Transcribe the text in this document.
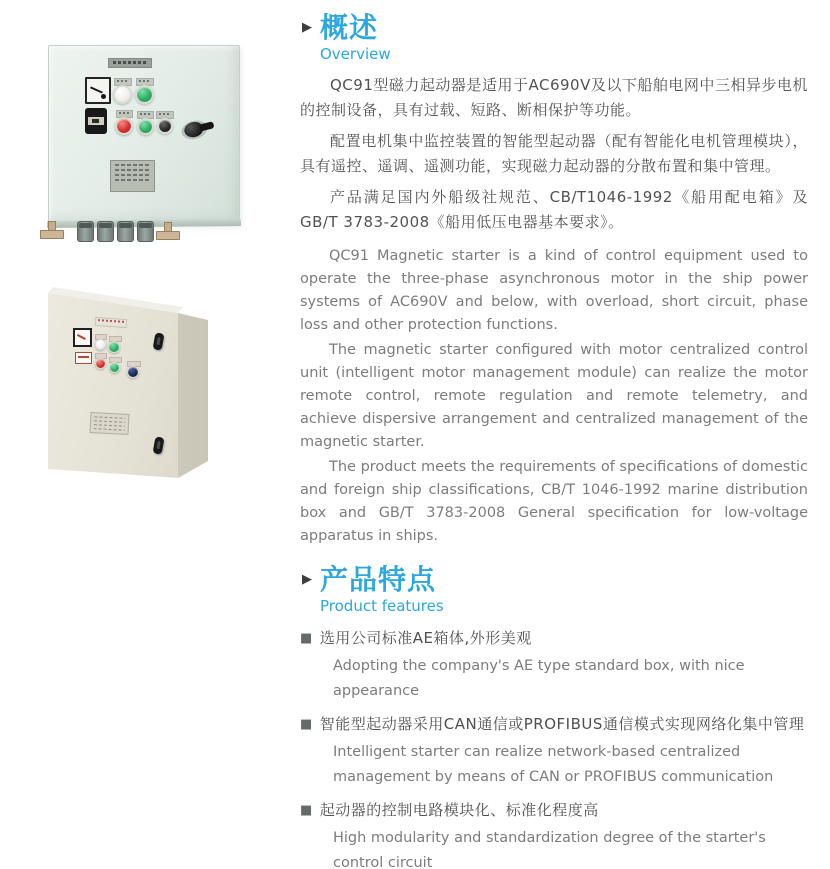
▶ 概述
Overview

QC91型磁力起动器是适用于AC690V及以下船舶电网中三相异步电机的控制设备，具有过载、短路、断相保护等功能。

配置电机集中监控装置的智能型起动器（配有智能化电机管理模块），具有遥控、遥调、遥测功能，实现磁力起动器的分散布置和集中管理。

产品满足国内外船级社规范、CB/T1046-1992《船用配电箱》及GB/T 3783-2008《船用低压电器基本要求》。

QC91 Magnetic starter is a kind of control equipment used to operate the three-phase asynchronous motor in the ship power systems of AC690V and below, with overload, short circuit, phase loss and other protection functions.

The magnetic starter configured with motor centralized control unit (intelligent motor management module) can realize the motor remote control, remote regulation and remote telemetry, and achieve dispersive arrangement and centralized management of the magnetic starter.

The product meets the requirements of specifications of domestic and foreign ship classifications, CB/T 1046-1992 marine distribution box and GB/T 3783-2008 General specification for low-voltage apparatus in ships.

▶ 产品特点
Product features
■ 选用公司标准AE箱体,外形美观
Adopting the company's AE type standard box, with nice appearance
■ 智能型起动器采用CAN通信或PROFIBUS通信模式实现网络化集中管理
Intelligent starter can realize network-based centralized management by means of CAN or PROFIBUS communication
■ 起动器的控制电路模块化、标准化程度高
High modularity and standardization degree of the starter's control circuit
